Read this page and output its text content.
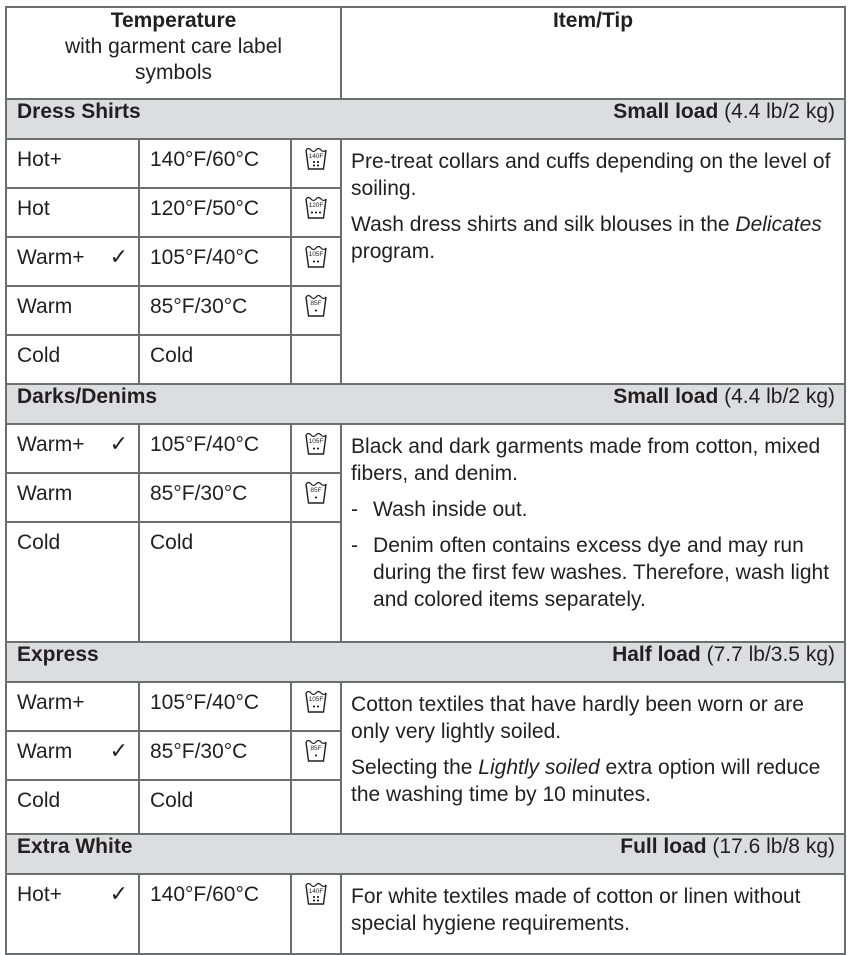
Temperature
with garment care label symbols			Item/Tip

Dress Shirts Small load (4.4 lb/2 kg)			

Hot+	140°F/60°C	140F	Pre-treat collars and cuffs depending on the level of soiling.

Wash dress shirts and silk blouses in the Delicates program.

Hot	120°F/50°C	120F	

Warm+ ✓	105°F/40°C	105F	

Warm	85°F/30°C	85F	

Cold	Cold		

Darks/Denims Small load (4.4 lb/2 kg)			

Warm+ ✓	105°F/40°C	105F	Black and dark garments made from cotton, mixed fibers, and denim.

- Wash inside out.
- Denim often contains excess dye and may run during the first few washes. Therefore, wash light and colored items separately.

Warm	85°F/30°C	85F	

Cold	Cold		

Express Half load (7.7 lb/3.5 kg)			

Warm+	105°F/40°C	105F	Cotton textiles that have hardly been worn or are only very lightly soiled.

Selecting the Lightly soiled extra option will reduce the washing time by 10 minutes.

Warm ✓	85°F/30°C	85F	

Cold	Cold		

Extra White Full load (17.6 lb/8 kg)			

Hot+ ✓	140°F/60°C	140F	For white textiles made of cotton or linen without special hygiene requirements.
